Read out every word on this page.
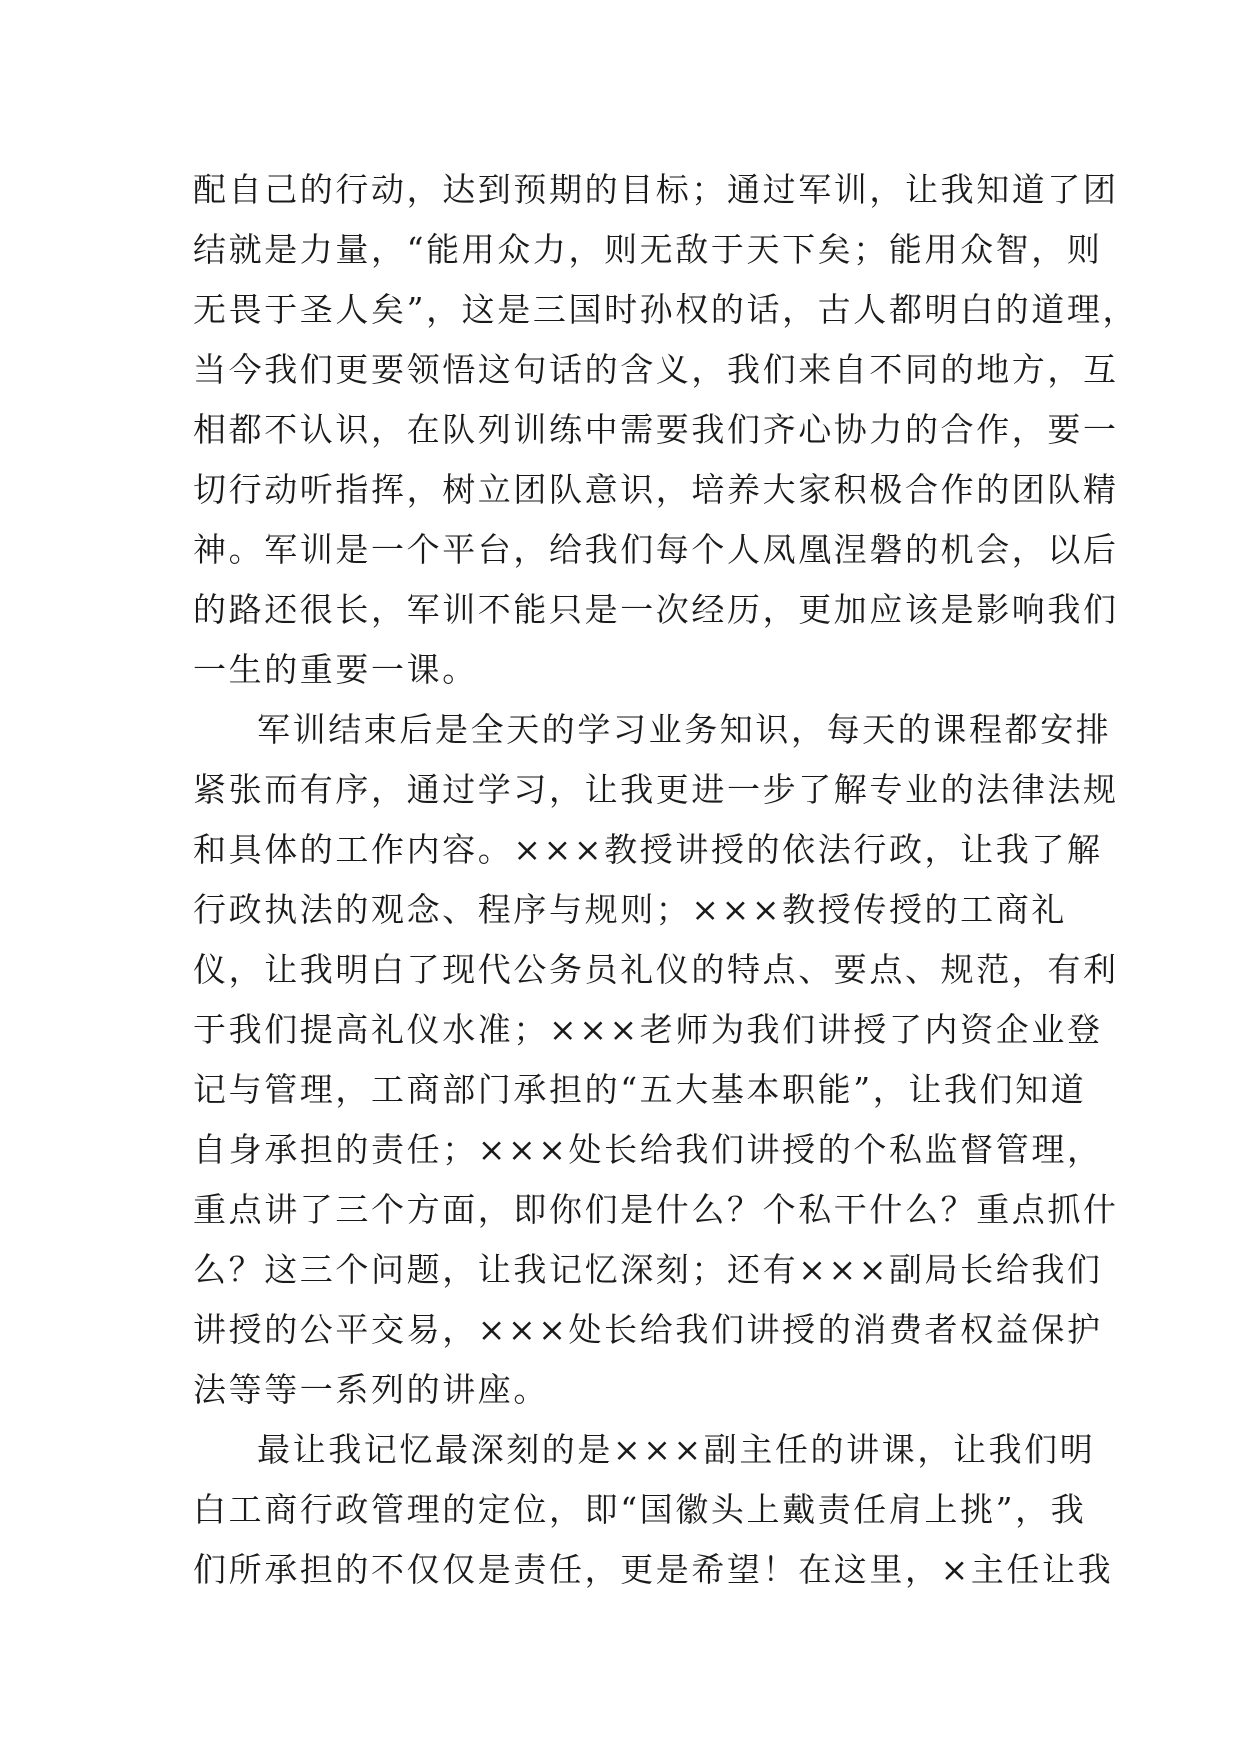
配自己的行动，达到预期的目标；通过军训，让我知道了团
结就是力量，“能用众力，则无敌于天下矣；能用众智，则
无畏于圣人矣”，这是三国时孙权的话，古人都明白的道理，
当今我们更要领悟这句话的含义，我们来自不同的地方，互
相都不认识，在队列训练中需要我们齐心协力的合作，要一
切行动听指挥，树立团队意识，培养大家积极合作的团队精
神。军训是一个平台，给我们每个人凤凰涅磐的机会，以后
的路还很长，军训不能只是一次经历，更加应该是影响我们
一生的重要一课。
军训结束后是全天的学习业务知识，每天的课程都安排
紧张而有序，通过学习，让我更进一步了解专业的法律法规
和具体的工作内容。×××教授讲授的依法行政，让我了解
行政执法的观念、程序与规则；×××教授传授的工商礼
仪，让我明白了现代公务员礼仪的特点、要点、规范，有利
于我们提高礼仪水准；×××老师为我们讲授了内资企业登
记与管理，工商部门承担的“五大基本职能”，让我们知道
自身承担的责任；×××处长给我们讲授的个私监督管理，
重点讲了三个方面，即你们是什么？个私干什么？重点抓什
么？这三个问题，让我记忆深刻；还有×××副局长给我们
讲授的公平交易，×××处长给我们讲授的消费者权益保护
法等等一系列的讲座。
最让我记忆最深刻的是×××副主任的讲课，让我们明
白工商行政管理的定位，即“国徽头上戴责任肩上挑”，我
们所承担的不仅仅是责任，更是希望！在这里，×主任让我
